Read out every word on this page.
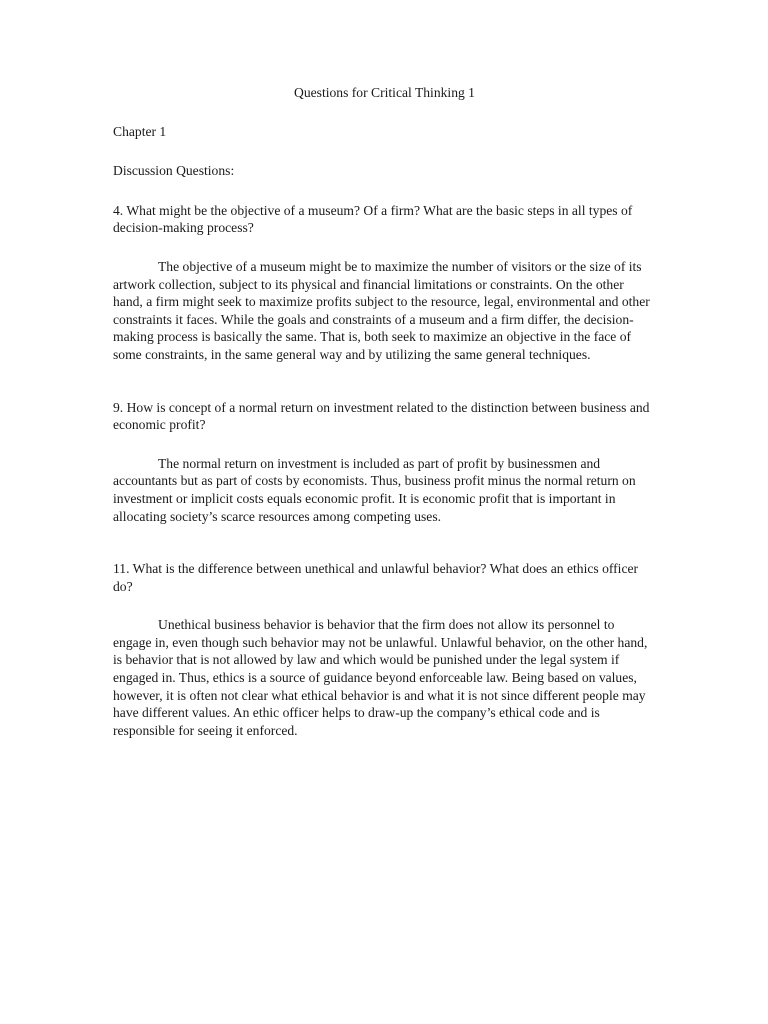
Questions for Critical Thinking 1
Chapter 1
Discussion Questions:

4. What might be the objective of a museum? Of a firm? What are the basic steps in all types of decision-making process?

The objective of a museum might be to maximize the number of visitors or the size of its artwork collection, subject to its physical and financial limitations or constraints. On the other hand, a firm might seek to maximize profits subject to the resource, legal, environmental and other constraints it faces. While the goals and constraints of a museum and a firm differ, the decision-making process is basically the same. That is, both seek to maximize an objective in the face of some constraints, in the same general way and by utilizing the same general techniques.

9. How is concept of a normal return on investment related to the distinction between business and economic profit?

The normal return on investment is included as part of profit by businessmen and accountants but as part of costs by economists. Thus, business profit minus the normal return on investment or implicit costs equals economic profit. It is economic profit that is important in allocating society’s scarce resources among competing uses.

11. What is the difference between unethical and unlawful behavior? What does an ethics officer do?

Unethical business behavior is behavior that the firm does not allow its personnel to engage in, even though such behavior may not be unlawful. Unlawful behavior, on the other hand, is behavior that is not allowed by law and which would be punished under the legal system if engaged in. Thus, ethics is a source of guidance beyond enforceable law. Being based on values, however, it is often not clear what ethical behavior is and what it is not since different people may have different values. An ethic officer helps to draw-up the company’s ethical code and is responsible for seeing it enforced.
